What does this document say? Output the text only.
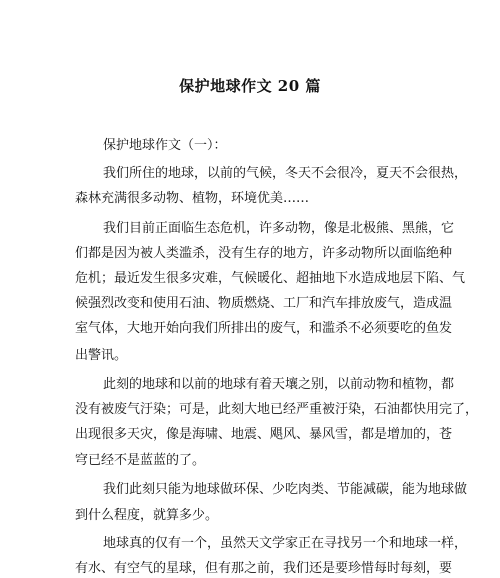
保护地球作文 20 篇
保护地球作文（一）：
我们所住的地球，以前的气候，冬天不会很冷，夏天不会很热，
森林充满很多动物、植物，环境优美……
我们目前正面临生态危机，许多动物，像是北极熊、黑熊，它
们都是因为被人类滥杀，没有生存的地方，许多动物所以面临绝种
危机；最近发生很多灾难，气候暖化、超抽地下水造成地层下陷、气
候强烈改变和使用石油、物质燃烧、工厂和汽车排放废气，造成温
室气体，大地开始向我们所排出的废气，和滥杀不必须要吃的鱼发
出警讯。
此刻的地球和以前的地球有着天壤之别，以前动物和植物，都
没有被废气汙染；可是，此刻大地已经严重被汙染，石油都快用完了，
出现很多天灾，像是海啸、地震、飓风、暴风雪，都是增加的，苍
穹已经不是蓝蓝的了。
我们此刻只能为地球做环保、少吃肉类、节能减碳，能为地球做
到什么程度，就算多少。
地球真的仅有一个，虽然天文学家正在寻找另一个和地球一样，
有水、有空气的星球，但有那之前，我们还是要珍惜每时每刻，要
